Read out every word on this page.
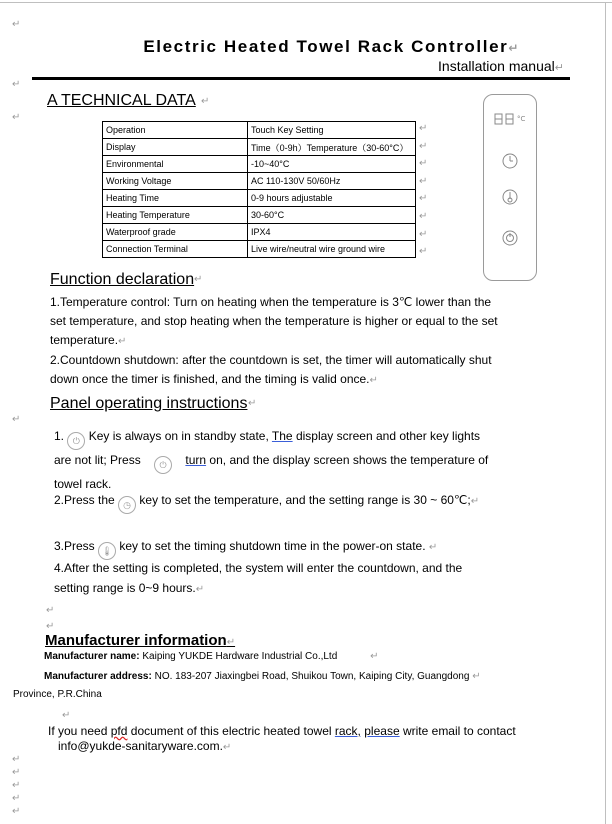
↵
↵
↵
↵
↵
↵
↵
↵
↵
↵
↵
↵
Electric Heated Towel Rack Controller↵
Installation manual↵
A TECHNICAL DATA ↵
Operation	Touch Key Setting
Display	Time（0-9h）Temperature（30-60°C）
Environmental	-10~40°C
Working Voltage	AC 110-130V 50/60Hz
Heating Time	0-9 hours adjustable
Heating Temperature	30-60°C
Waterproof grade	IPX4
Connection Terminal	Live wire/neutral wire ground wire
↵
↵
↵
↵
↵
↵
↵
↵
°C
Function declaration ↵
1.Temperature control: Turn on heating when the temperature is 3℃ lower than the set temperature, and stop heating when the temperature is higher or equal to the set temperature.↵
2.Countdown shutdown: after the countdown is set, the timer will automatically shut down once the timer is finished, and the timing is valid once.↵
Panel operating instructions ↵
1. ⏻ Key is always on in standby state, The display screen and other key lights are not lit; Press ⏻ turn on, and the display screen shows the temperature of towel rack.
2.Press the ◷ key to set the temperature, and the setting range is 30 ~ 60℃;↵
3.Press 🌡 key to set the timing shutdown time in the power-on state. ↵
4.After the setting is completed, the system will enter the countdown, and the setting range is 0~9 hours.↵
Manufacturer information↵
Manufacturer name: Kaiping YUKDE Hardware Industrial Co.,Ltd	↵
Manufacturer address: NO. 183-207 Jiaxingbei Road, Shuikou Town, Kaiping City, Guangdong ↵
Province, P.R.China
If you need pfd document of this electric heated towel rack, please write email to contact
info@yukde-sanitaryware.com.↵
